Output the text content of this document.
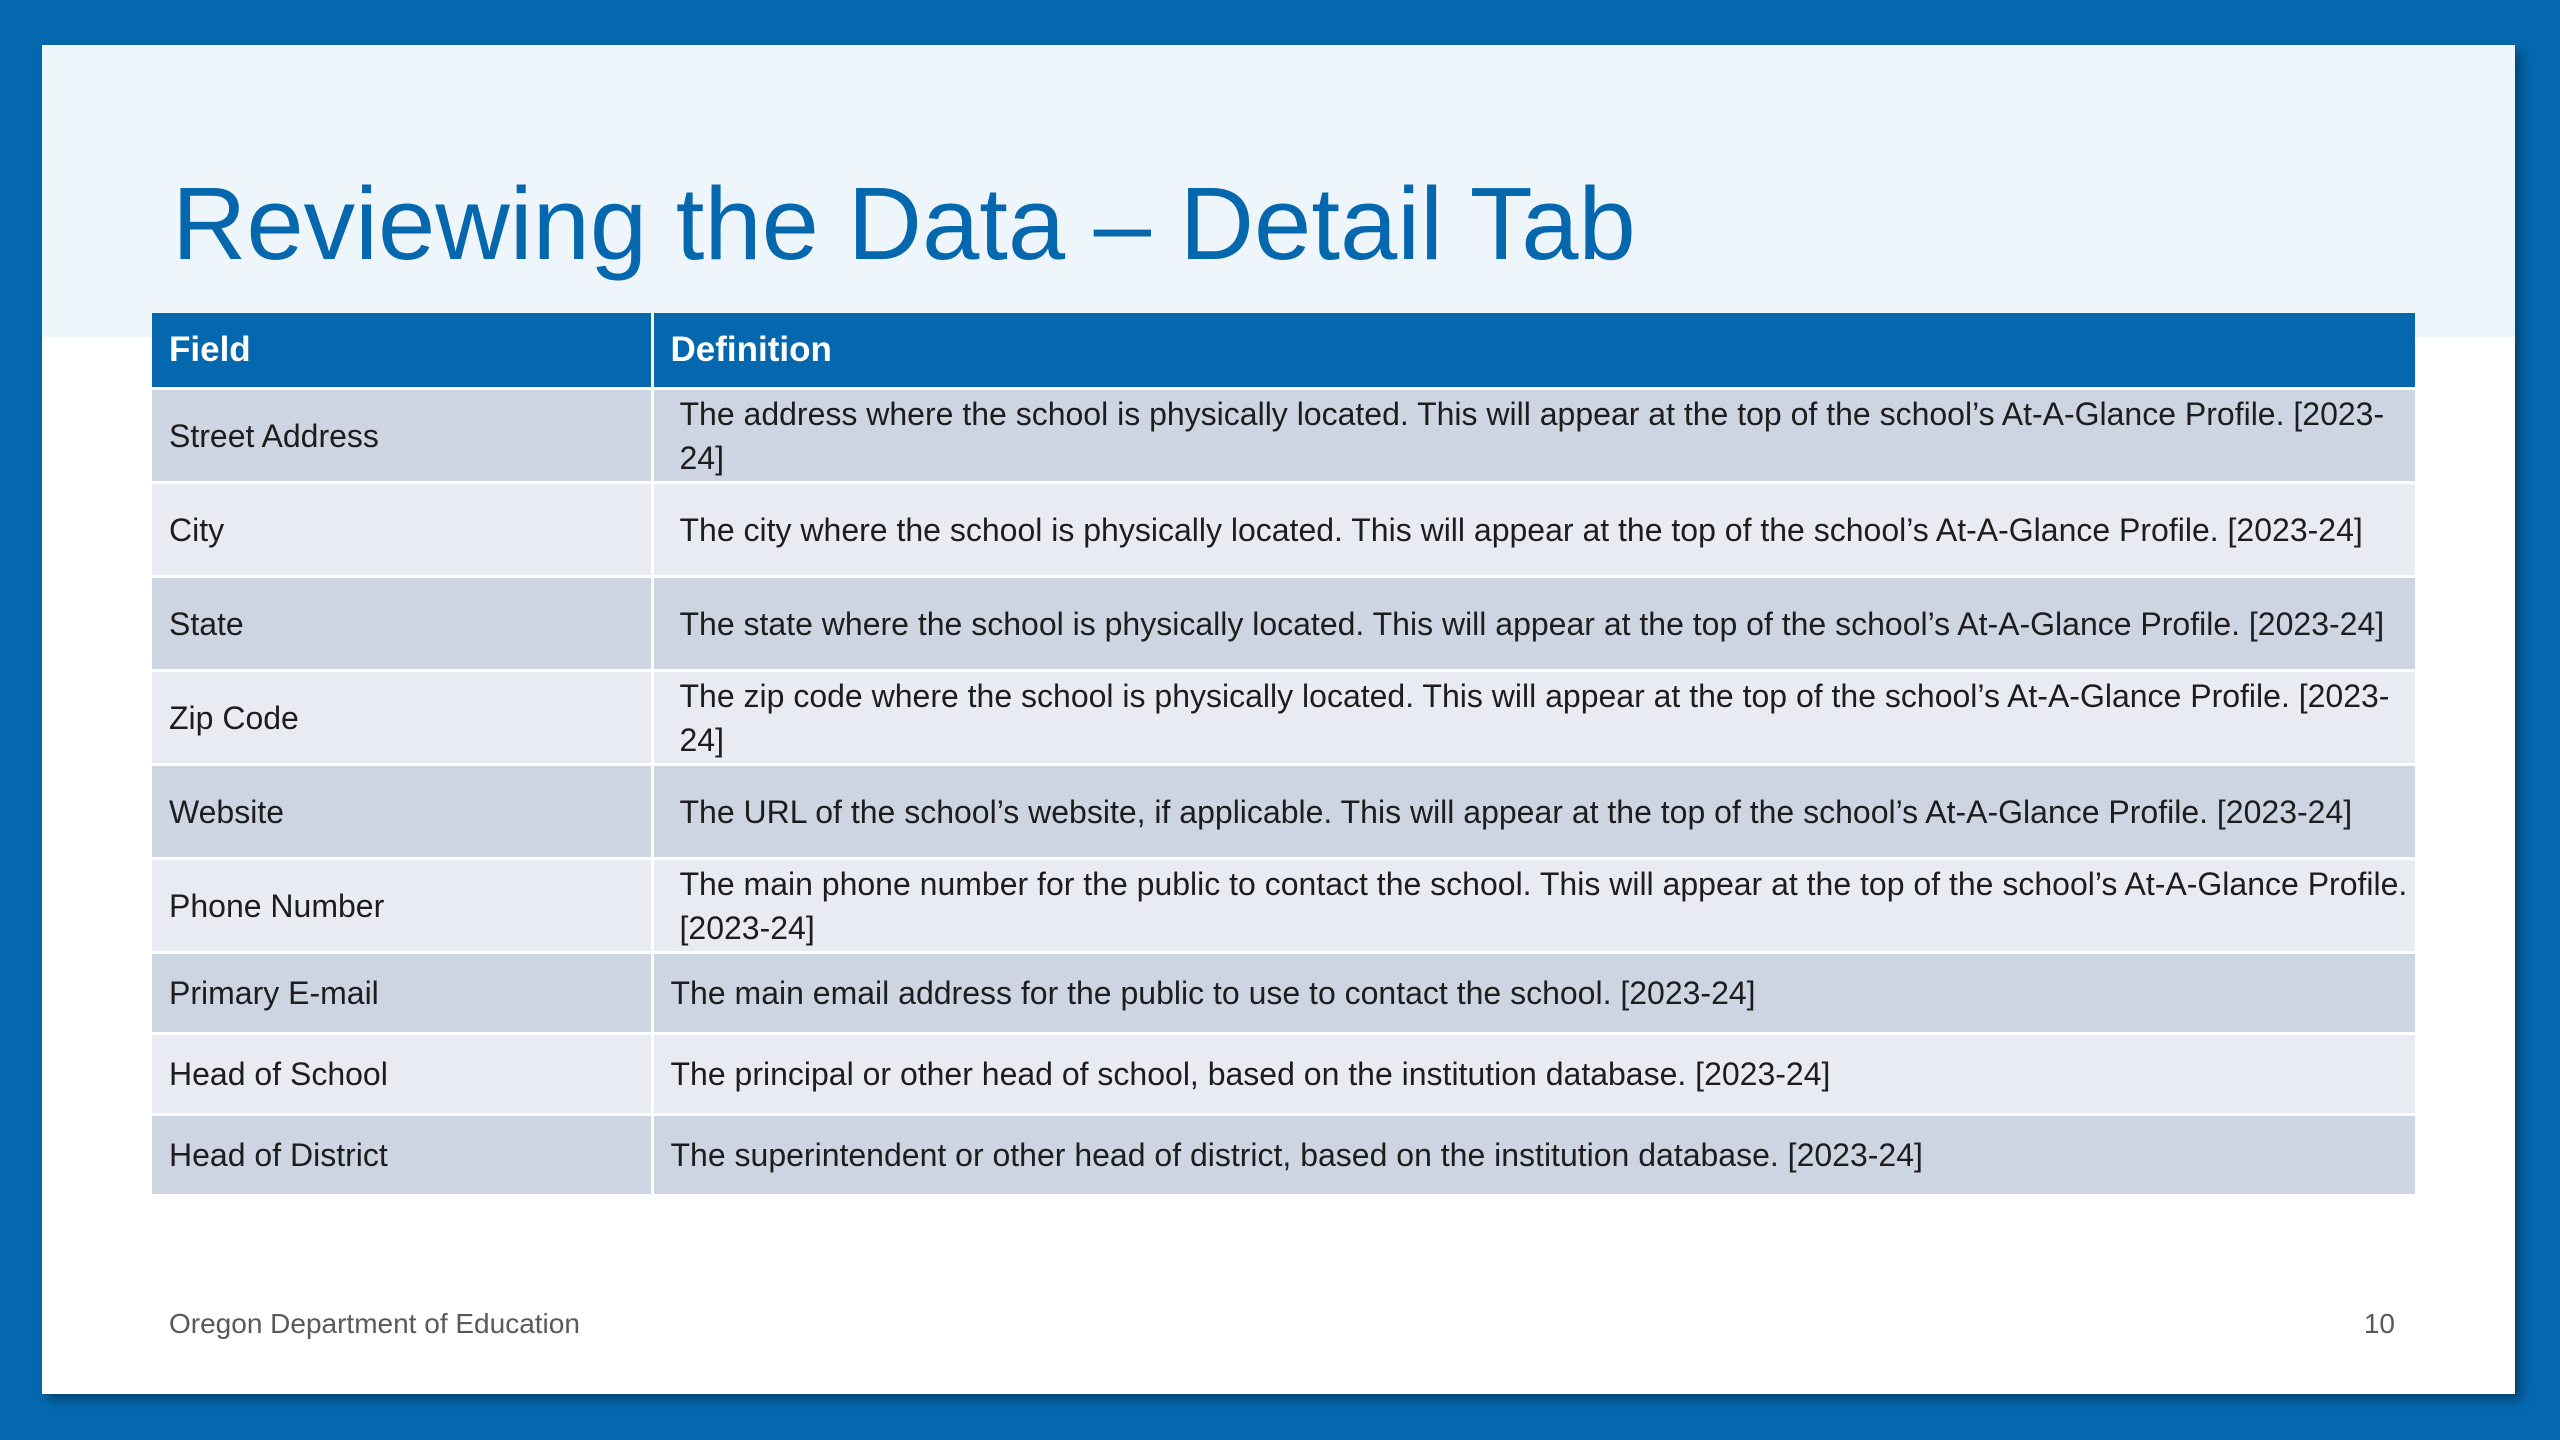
Reviewing the Data – Detail Tab
Field	Definition
Street Address	The address where the school is physically located. This will appear at the top of the school’s At-A-Glance Profile. [2023-24]
City	The city where the school is physically located. This will appear at the top of the school’s At-A-Glance Profile. [2023-24]
State	The state where the school is physically located. This will appear at the top of the school’s At-A-Glance Profile. [2023-24]
Zip Code	The zip code where the school is physically located. This will appear at the top of the school’s At-A-Glance Profile. [2023-24]
Website	The URL of the school’s website, if applicable. This will appear at the top of the school’s At-A-Glance Profile. [2023-24]
Phone Number	The main phone number for the public to contact the school. This will appear at the top of the school’s At-A-Glance Profile. [2023-24]
Primary E-mail	The main email address for the public to use to contact the school. [2023-24]
Head of School	The principal or other head of school, based on the institution database. [2023-24]
Head of District	The superintendent or other head of district, based on the institution database. [2023-24]
Oregon Department of Education	10
